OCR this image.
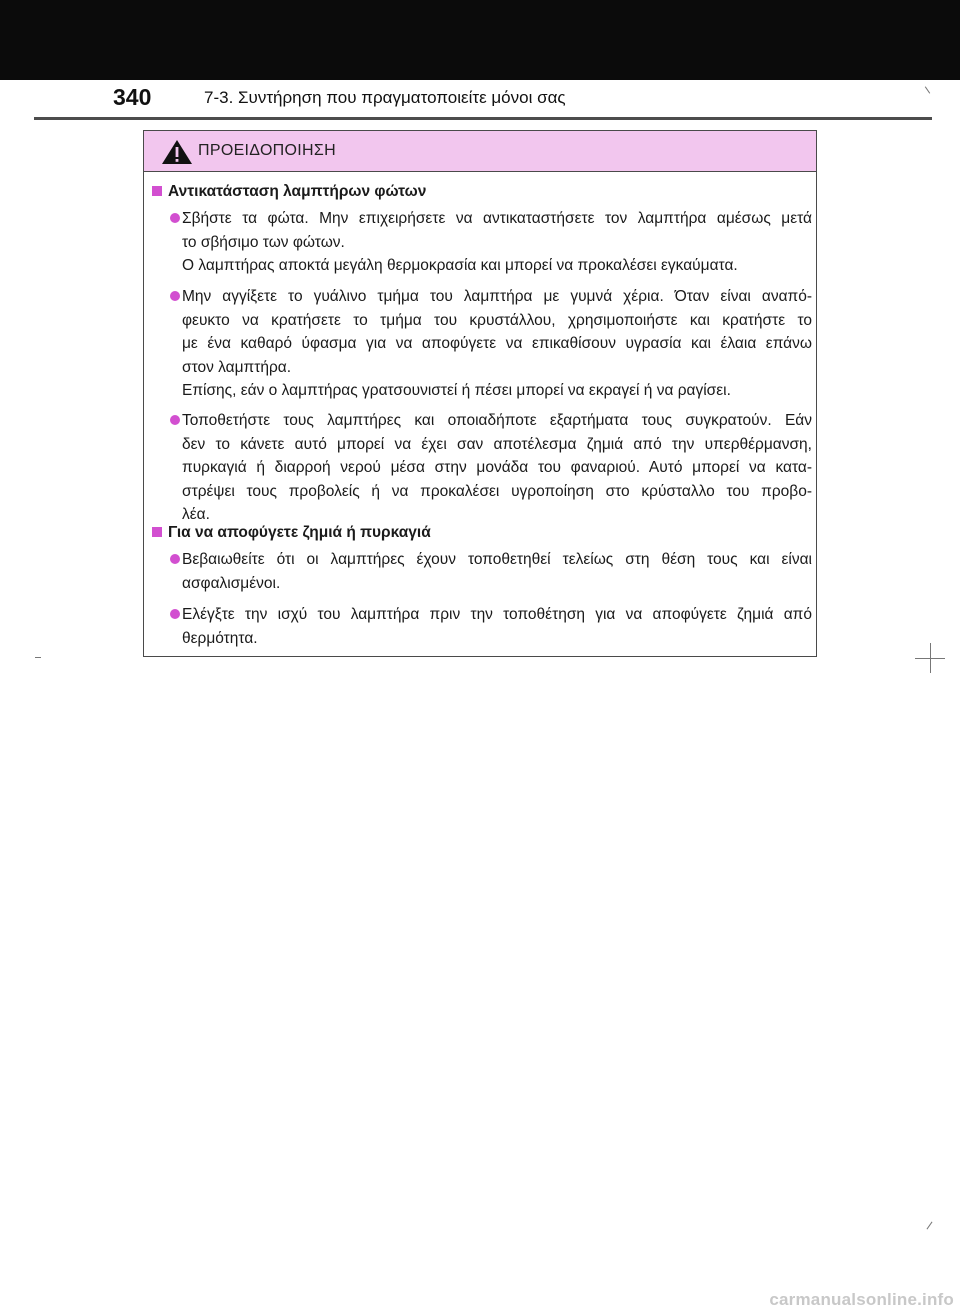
340	7-3. Συντήρηση που πραγματοποιείτε μόνοι σας
ΠΡΟΕΙΔΟΠΟΙΗΣΗ
Αντικατάσταση λαμπτήρων φώτων
Σβήστε τα φώτα. Μην επιχειρήσετε να αντικαταστήσετε τον λαμπτήρα αμέσως μετά
το σβήσιμο των φώτων.
Ο λαμπτήρας αποκτά μεγάλη θερμοκρασία και μπορεί να προκαλέσει εγκαύματα.
Μην αγγίξετε το γυάλινο τμήμα του λαμπτήρα με γυμνά χέρια. Όταν είναι αναπό-
φευκτο να κρατήσετε το τμήμα του κρυστάλλου, χρησιμοποιήστε και κρατήστε το
με ένα καθαρό ύφασμα για να αποφύγετε να επικαθίσουν υγρασία και έλαια επάνω
στον λαμπτήρα.
Επίσης, εάν ο λαμπτήρας γρατσουνιστεί ή πέσει μπορεί να εκραγεί ή να ραγίσει.
Τοποθετήστε τους λαμπτήρες και οποιαδήποτε εξαρτήματα τους συγκρατούν. Εάν
δεν το κάνετε αυτό μπορεί να έχει σαν αποτέλεσμα ζημιά από την υπερθέρμανση,
πυρκαγιά ή διαρροή νερού μέσα στην μονάδα του φαναριού. Αυτό μπορεί να κατα-
στρέψει τους προβολείς ή να προκαλέσει υγροποίηση στο κρύσταλλο του προβο-
λέα.
Για να αποφύγετε ζημιά ή πυρκαγιά
Βεβαιωθείτε ότι οι λαμπτήρες έχουν τοποθετηθεί τελείως στη θέση τους και είναι
ασφαλισμένοι.
Ελέγξτε την ισχύ του λαμπτήρα πριν την τοποθέτηση για να αποφύγετε ζημιά από
θερμότητα.
carmanualsonline.info
